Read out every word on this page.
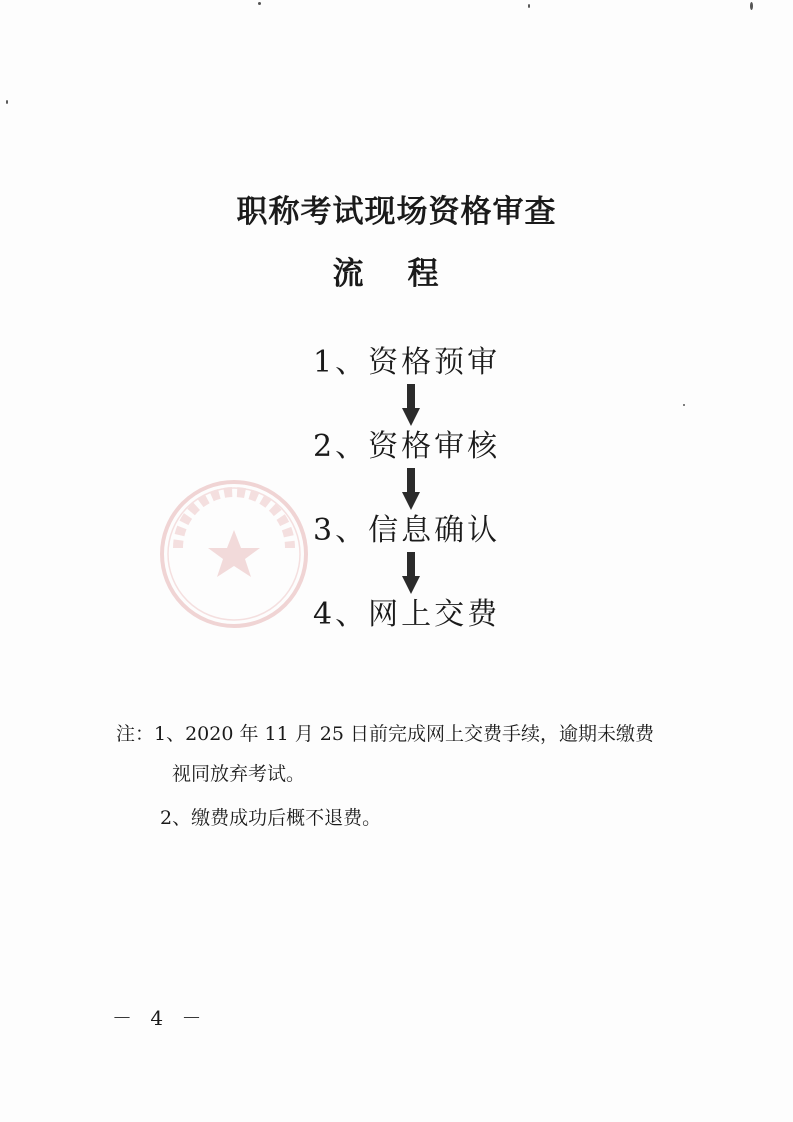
职称考试现场资格审查
流程
1、资格预审
2、资格审核
3、信息确认
4、网上交费
注：1、2020 年 11 月 25 日前完成网上交费手续，逾期未缴费
视同放弃考试。
2、缴费成功后概不退费。
－ 4 －
